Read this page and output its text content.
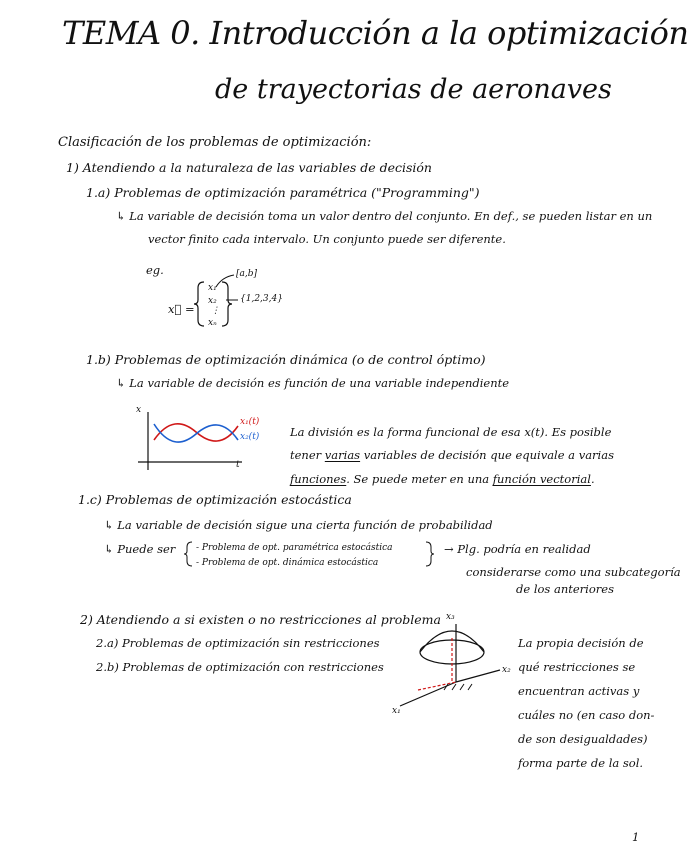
TEMA 0. Introducción a la optimización
de trayectorias de aeronaves
Clasificación de los problemas de optimización:
1) Atendiendo a la naturaleza de las variables de decisión
1.a) Problemas de optimización paramétrica ("Programming")
↳ La variable de decisión toma un valor dentro del conjunto. En def., se pueden listar en un
vector finito cada intervalo. Un conjunto puede ser diferente.
eg.
x⃗ =
x₁
x₂
⋮
xₙ
[a,b]
{1,2,3,4}
1.b) Problemas de optimización dinámica (o de control óptimo)
↳ La variable de decisión es función de una variable independiente
x
t
x₁(t)
x₂(t)	La división es la forma funcional de esa x(t). Es posible
tener varias variables de decisión que equivale a varias
funciones. Se puede meter en una función vectorial.
1.c) Problemas de optimización estocástica
↳ La variable de decisión sigue una cierta función de probabilidad
↳ Puede ser - Problema de opt. paramétrica estocástica
- Problema de opt. dinámica estocástica
→ Plg. podría en realidad
considerarse como una subcategoría
de los anteriores
2) Atendiendo a si existen o no restricciones al problema
2.a) Problemas de optimización sin restricciones
2.b) Problemas de optimización con restricciones
x₃
x₂
x₁
La propia decisión de
qué restricciones se
encuentran activas y
cuáles no (en caso don-
de son desigualdades)
forma parte de la sol.
1
